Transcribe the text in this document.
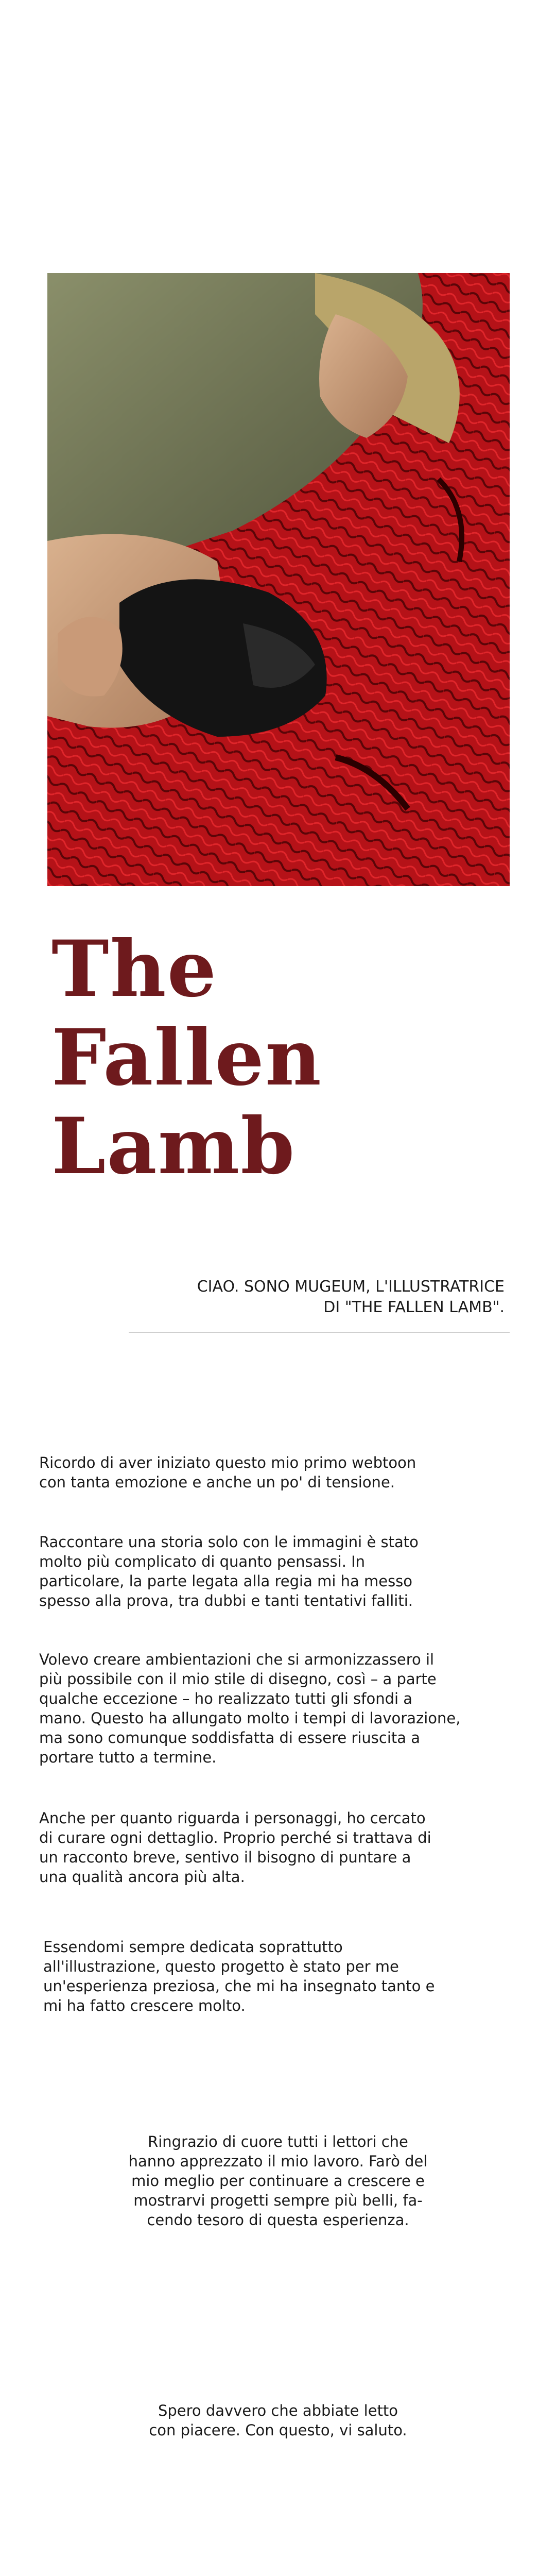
The
Fallen
Lamb
CIAO. SONO MUGEUM, L'ILLUSTRATRICE
DI "THE FALLEN LAMB".
Ricordo di aver iniziato questo mio primo webtoon
con tanta emozione e anche un po' di tensione.
Raccontare una storia solo con le immagini è stato
molto più complicato di quanto pensassi. In
particolare, la parte legata alla regia mi ha messo
spesso alla prova, tra dubbi e tanti tentativi falliti.
Volevo creare ambientazioni che si armonizzassero il
più possibile con il mio stile di disegno, così – a parte
qualche eccezione – ho realizzato tutti gli sfondi a
mano. Questo ha allungato molto i tempi di lavorazione,
ma sono comunque soddisfatta di essere riuscita a
portare tutto a termine.
Anche per quanto riguarda i personaggi, ho cercato
di curare ogni dettaglio. Proprio perché si trattava di
un racconto breve, sentivo il bisogno di puntare a
una qualità ancora più alta.
Essendomi sempre dedicata soprattutto
all'illustrazione, questo progetto è stato per me
un'esperienza preziosa, che mi ha insegnato tanto e
mi ha fatto crescere molto.
Ringrazio di cuore tutti i lettori che
hanno apprezzato il mio lavoro. Farò del
mio meglio per continuare a crescere e
mostrarvi progetti sempre più belli, fa-
cendo tesoro di questa esperienza.
Spero davvero che abbiate letto
con piacere. Con questo, vi saluto.
